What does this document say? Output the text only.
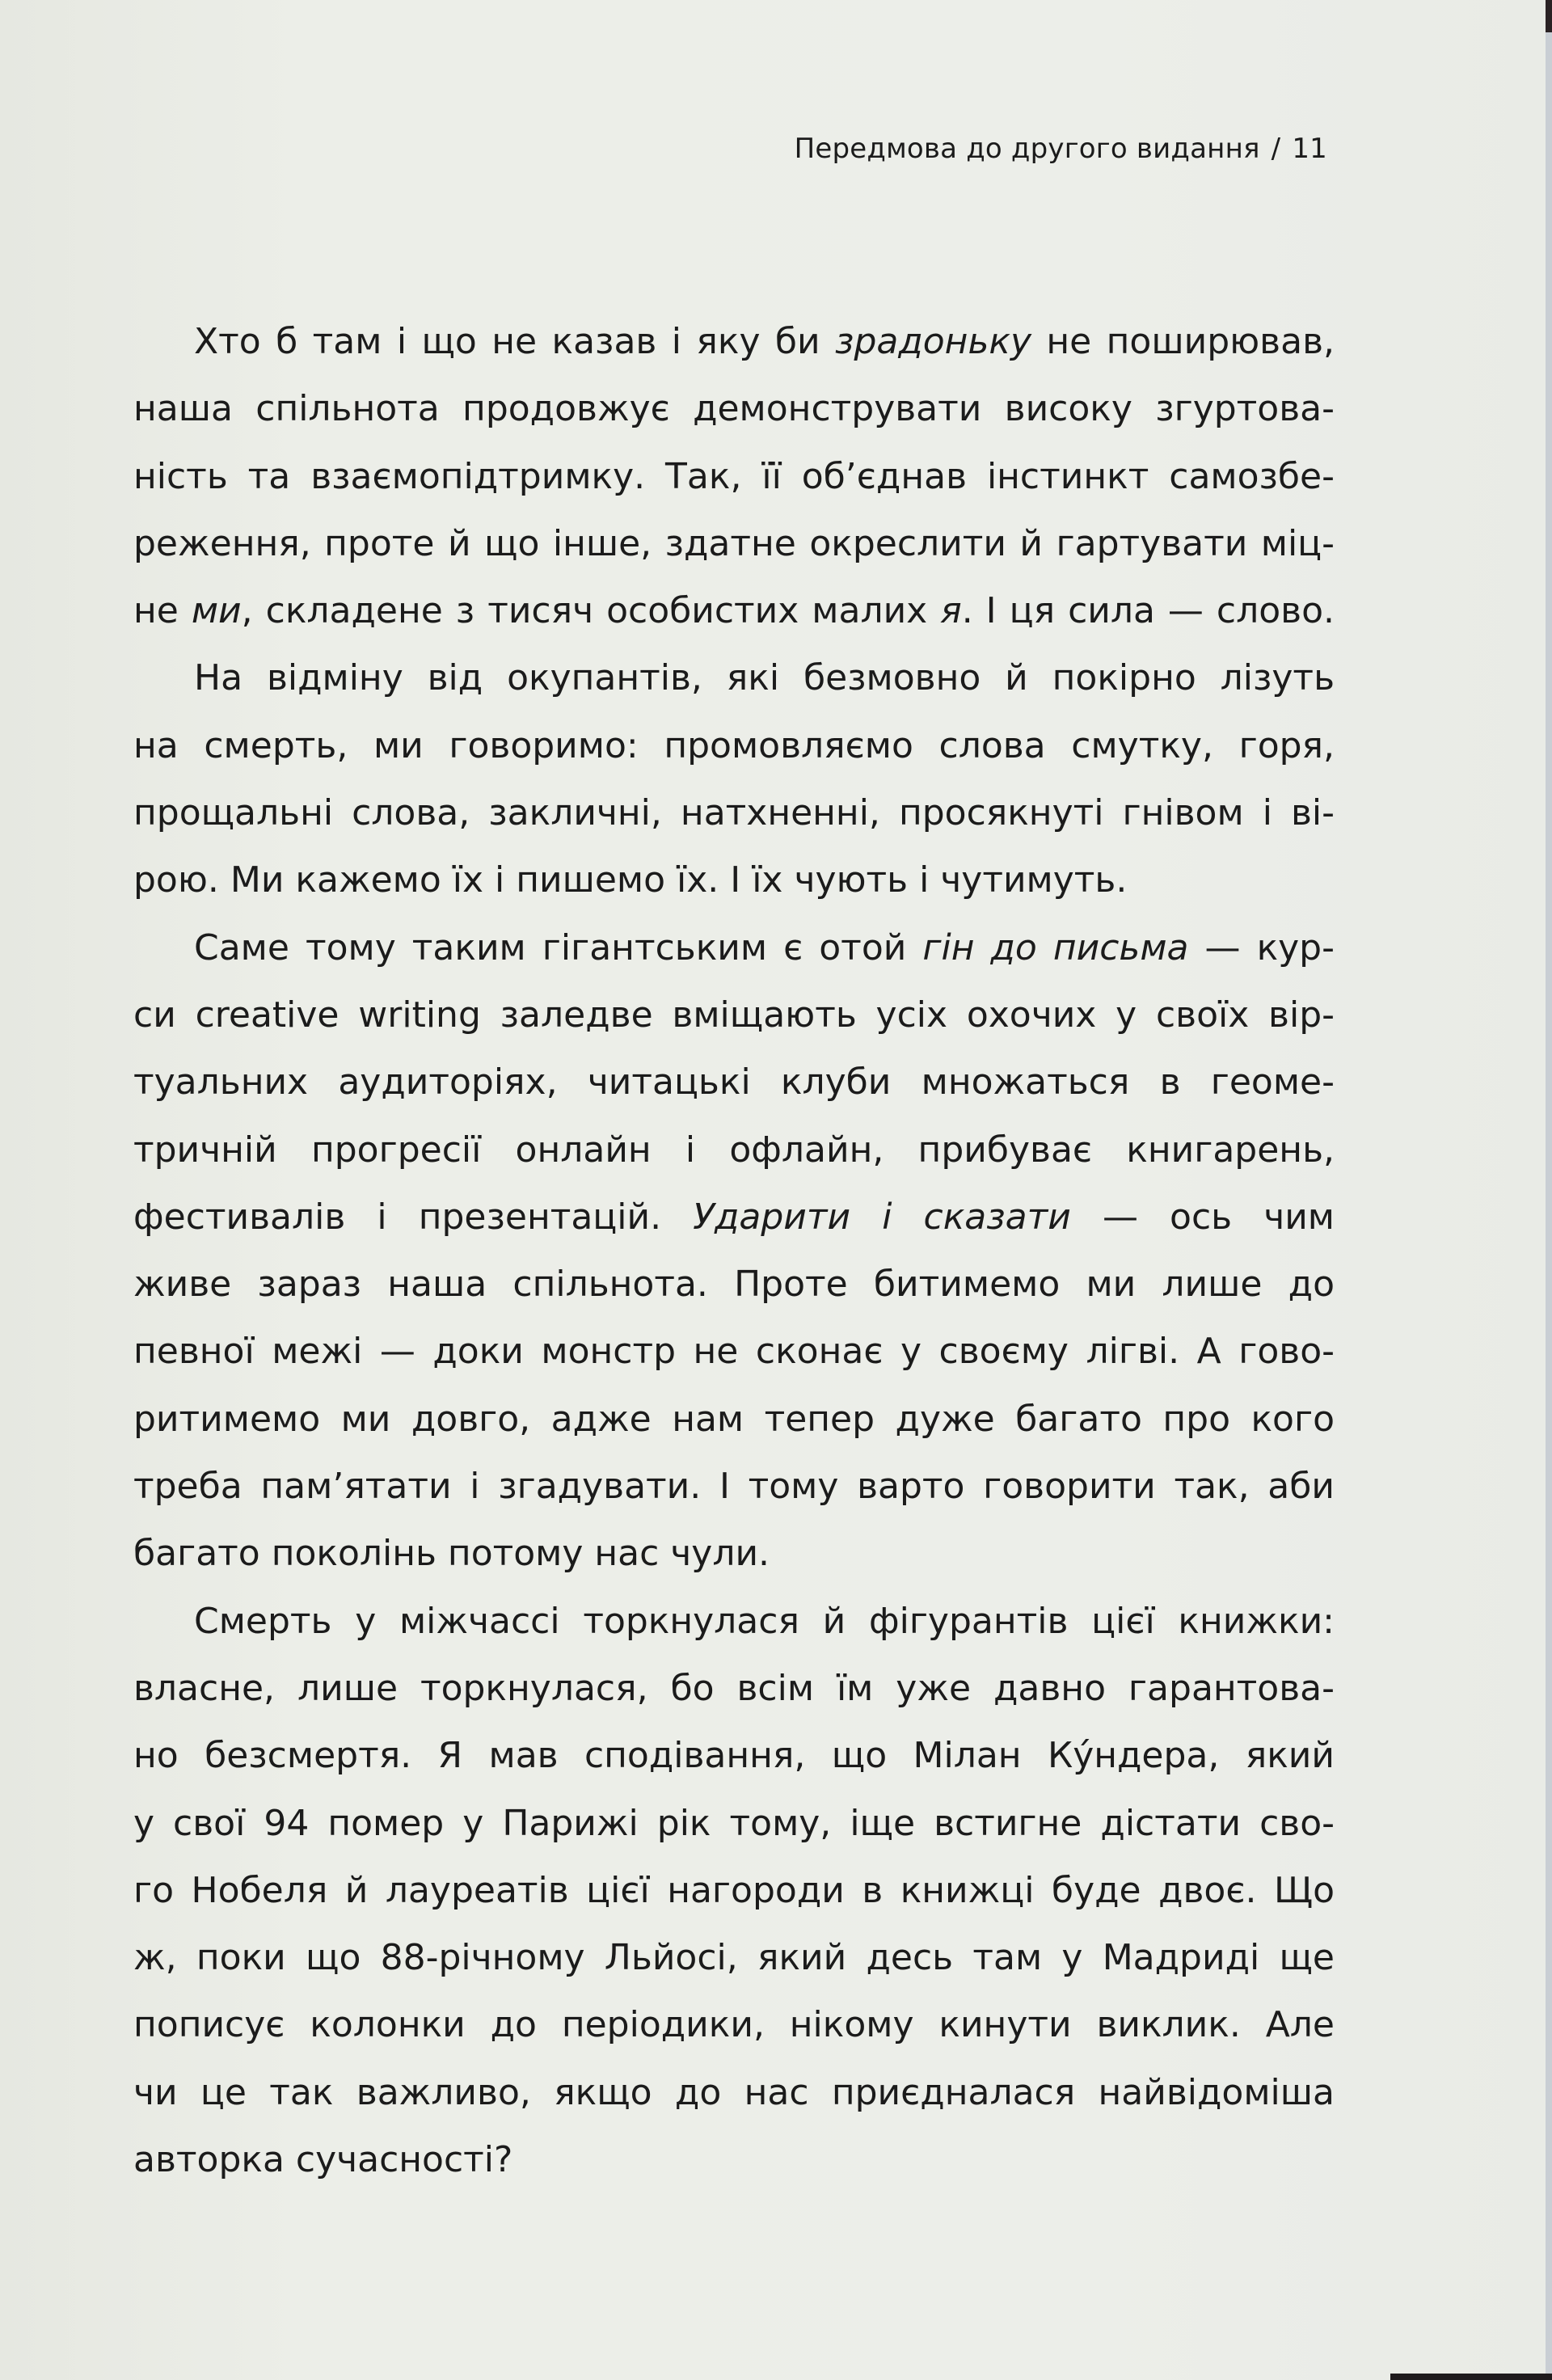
Передмова до другого видання / 11
Хто б там і що не казав і яку би зрадоньку не поширював,
наша спільнота продовжує демонструвати високу згуртова-
ність та взаємопідтримку. Так, її об’єднав інстинкт самозбе-
реження, проте й що інше, здатне окреслити й гартувати міц-
не ми, складене з тисяч особистих малих я. І ця сила — слово.
На відміну від окупантів, які безмовно й покірно лізуть
на смерть, ми говоримо: промовляємо слова смутку, горя,
прощальні слова, закличні, натхненні, просякнуті гнівом і ві-
рою. Ми кажемо їх і пишемо їх. І їх чують і чутимуть.
Саме тому таким гігантським є отой гін до письма — кур-
си creative writing заледве вміщають усіх охочих у своїх вір-
туальних аудиторіях, читацькі клуби множаться в геоме-
тричній прогресії онлайн і офлайн, прибуває книгарень,
фестивалів і презентацій. Ударити і сказати — ось чим
живе зараз наша спільнота. Проте битимемо ми лише до
певної межі — доки монстр не сконає у своєму лігві. А гово-
ритимемо ми довго, адже нам тепер дуже багато про кого
треба пам’ятати і згадувати. І тому варто говорити так, аби
багато поколінь потому нас чули.
Смерть у міжчассі торкнулася й фігурантів цієї книжки:
власне, лише торкнулася, бо всім їм уже давно гарантова-
но безсмертя. Я мав сподівання, що Мілан Ку́ндера, який
у свої 94 помер у Парижі рік тому, іще встигне дістати сво-
го Нобеля й лауреатів цієї нагороди в книжці буде двоє. Що
ж, поки що 88-річному Льйосі, який десь там у Мадриді ще
пописує колонки до періодики, нікому кинути виклик. Але
чи це так важливо, якщо до нас приєдналася найвідоміша
авторка сучасності?
